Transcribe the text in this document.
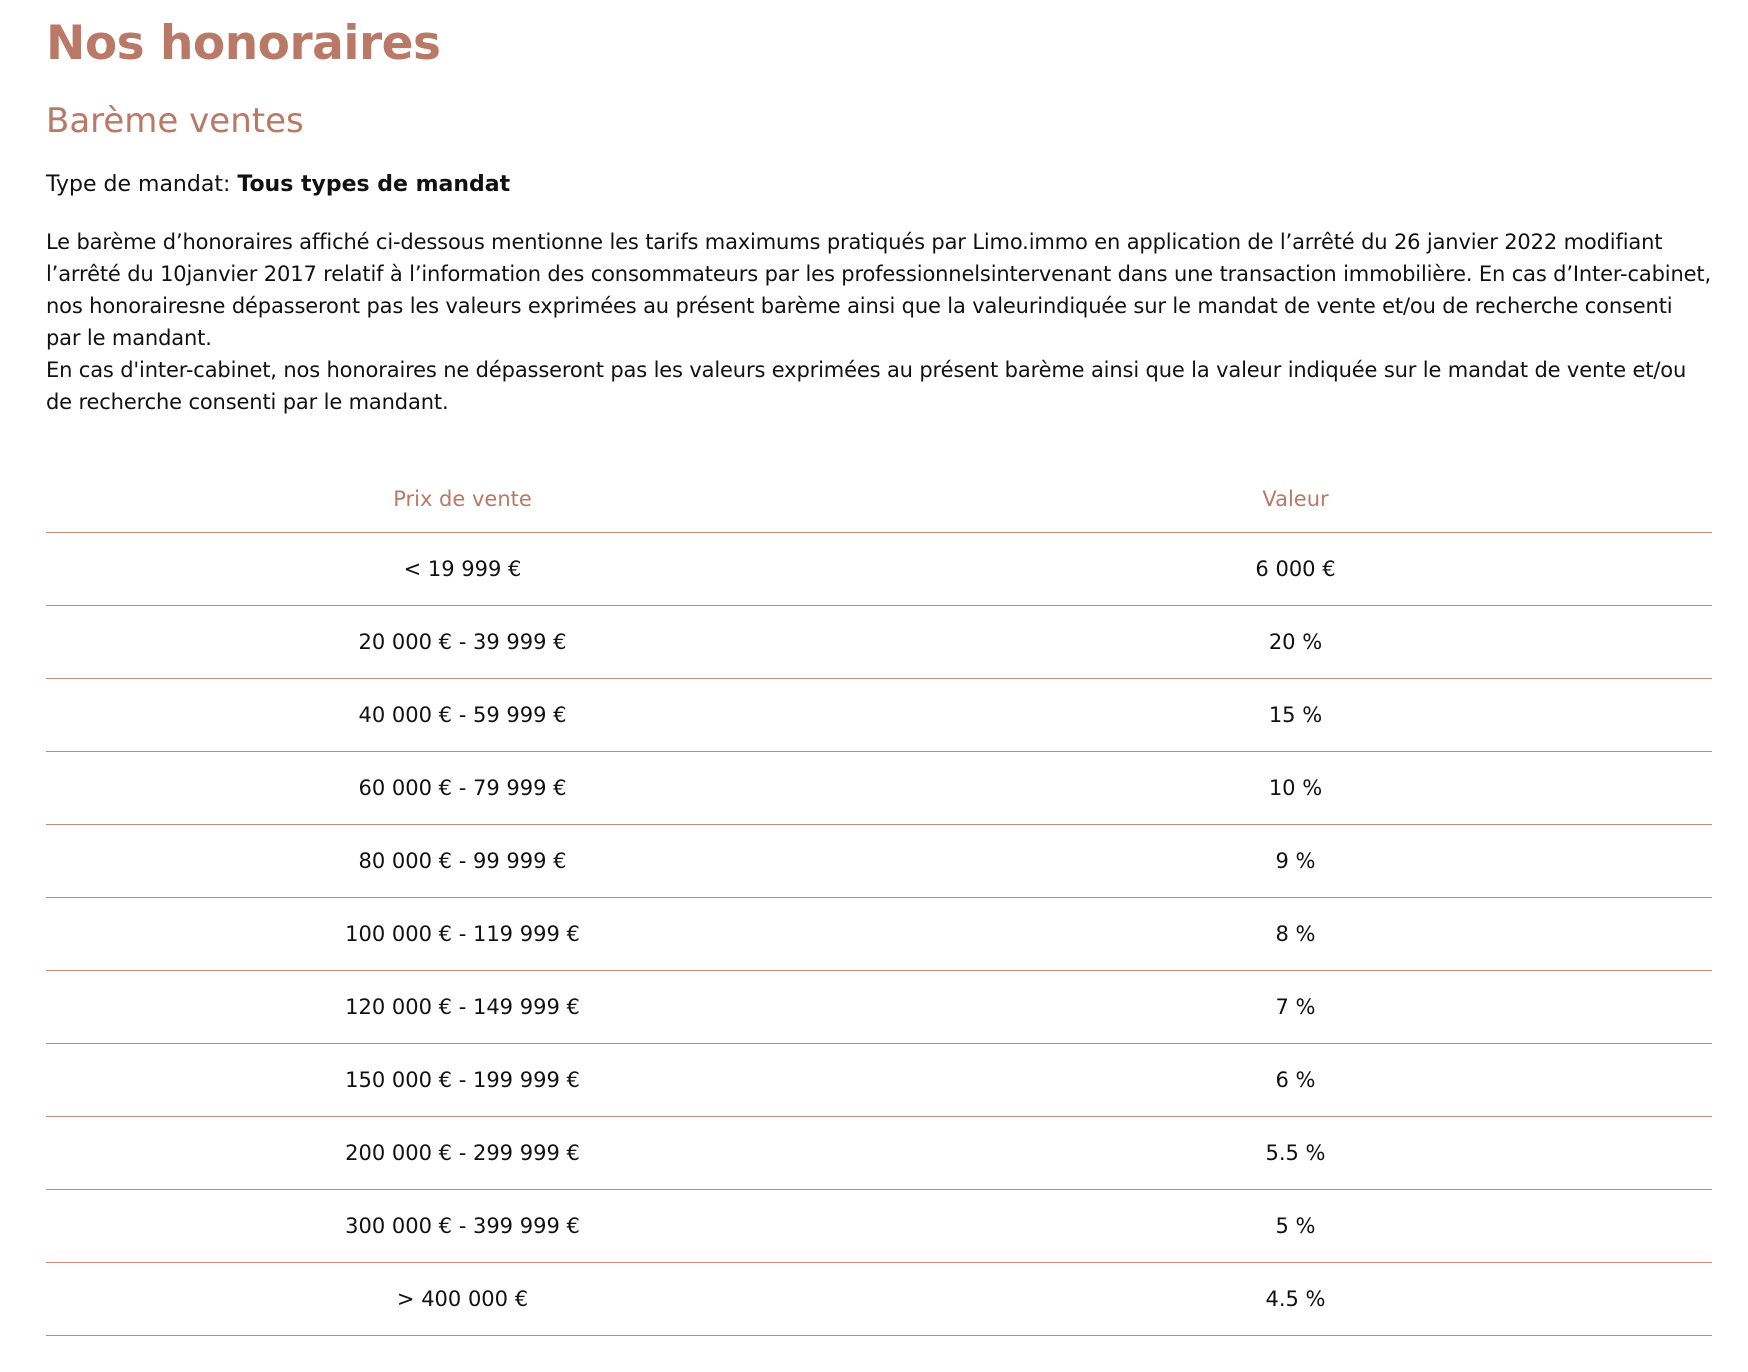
Nos honoraires
Barème ventes
Type de mandat: Tous types de mandat

Le barème d’honoraires affiché ci-dessous mentionne les tarifs maximums pratiqués par Limo.immo en application de l’arrêté du 26 janvier 2022 modifiant l’arrêté du 10janvier 2017 relatif à l’information des consommateurs par les professionnelsintervenant dans une transaction immobilière. En cas d’Inter-cabinet, nos honorairesne dépasseront pas les valeurs exprimées au présent barème ainsi que la valeurindiquée sur le mandat de vente et/ou de recherche consenti par le mandant.

En cas d'inter-cabinet, nos honoraires ne dépasseront pas les valeurs exprimées au présent barème ainsi que la valeur indiquée sur le mandat de vente et/ou de recherche consenti par le mandant.

Prix de vente	Valeur
< 19 999 €	6 000 €
20 000 € - 39 999 €	20 %
40 000 € - 59 999 €	15 %
60 000 € - 79 999 €	10 %
80 000 € - 99 999 €	9 %
100 000 € - 119 999 €	8 %
120 000 € - 149 999 €	7 %
150 000 € - 199 999 €	6 %
200 000 € - 299 999 €	5.5 %
300 000 € - 399 999 €	5 %
> 400 000 €	4.5 %
